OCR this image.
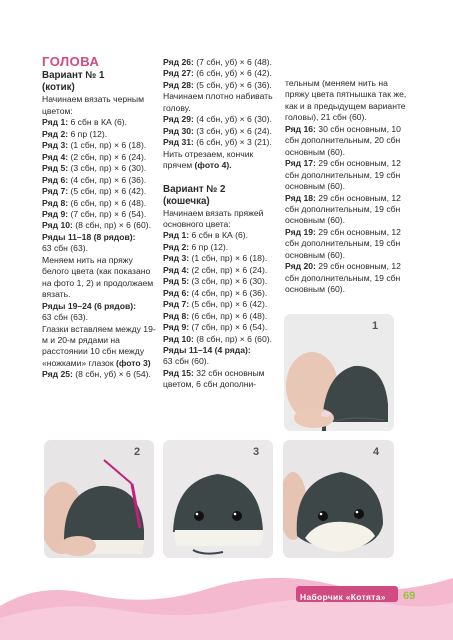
ГОЛОВА
Вариант № 1
(котик)

Начинаем вязать черным цветом:

Ряд 1: 6 сбн в КА (6).

Ряд 2: 6 пр (12).

Ряд 3: (1 сбн, пр) × 6 (18).

Ряд 4: (2 сбн, пр) × 6 (24).

Ряд 5: (3 сбн, пр) × 6 (30).

Ряд 6: (4 сбн, пр) × 6 (36).

Ряд 7: (5 сбн, пр) × 6 (42).

Ряд 8: (6 сбн, пр) × 6 (48).

Ряд 9: (7 сбн, пр) × 6 (54).

Ряд 10: (8 сбн, пр) × 6 (60).

Ряды 11–18 (8 рядов):

63 сбн (63).

Меняем нить на пряжу белого цвета (как показано на фото 1, 2) и продолжаем вязать.

Ряды 19–24 (6 рядов):

63 сбн (63).

Глазки вставляем между 19-м и 20-м рядами на расстоянии 10 сбн между «ножками» глазок (фото 3)

Ряд 25: (8 сбн, уб) × 6 (54).

Ряд 26: (7 сбн, уб) × 6 (48).

Ряд 27: (6 сбн, уб) × 6 (42).

Ряд 28: (5 сбн, уб) × 6 (36).

Начинаем плотно набивать голову.

Ряд 29: (4 сбн, уб) × 6 (30).

Ряд 30: (3 сбн, уб) × 6 (24).

Ряд 31: (6 сбн, уб) × 3 (21).

Нить отрезаем, кончик прячем (фото 4).

Вариант № 2
(кошечка)

Начинаем вязать пряжей основного цвета:

Ряд 1: 6 сбн в КА (6).

Ряд 2: 6 пр (12).

Ряд 3: (1 сбн, пр) × 6 (18).

Ряд 4: (2 сбн, пр) × 6 (24).

Ряд 5: (3 сбн, пр) × 6 (30).

Ряд 6: (4 сбн, пр) × 6 (36).

Ряд 7: (5 сбн, пр) × 6 (42).

Ряд 8: (6 сбн, пр) × 6 (48).

Ряд 9: (7 сбн, пр) × 6 (54).

Ряд 10: (8 сбн, пр) × 6 (60).

Ряды 11–14 (4 ряда):

63 сбн (60).

Ряд 15: 32 сбн основным цветом, 6 сбн дополни-

тельным (меняем нить на пряжу цвета пятнышка так же, как и в предыдущем варианте головы), 21 сбн (60).

Ряд 16: 30 сбн основным, 10 сбн дополнительным, 20 сбн основным (60).

Ряд 17: 29 сбн основным, 12 сбн дополнительным, 19 сбн основным (60).

Ряд 18: 29 сбн основным, 12 сбн дополнительным, 19 сбн основным (60).

Ряд 19: 29 сбн основным, 12 сбн дополнительным, 19 сбн основным (60).

Ряд 20: 29 сбн основным, 12 сбн дополнительным, 19 сбн основным (60).

1
2	3	4
Наборчик «Котята» 69
